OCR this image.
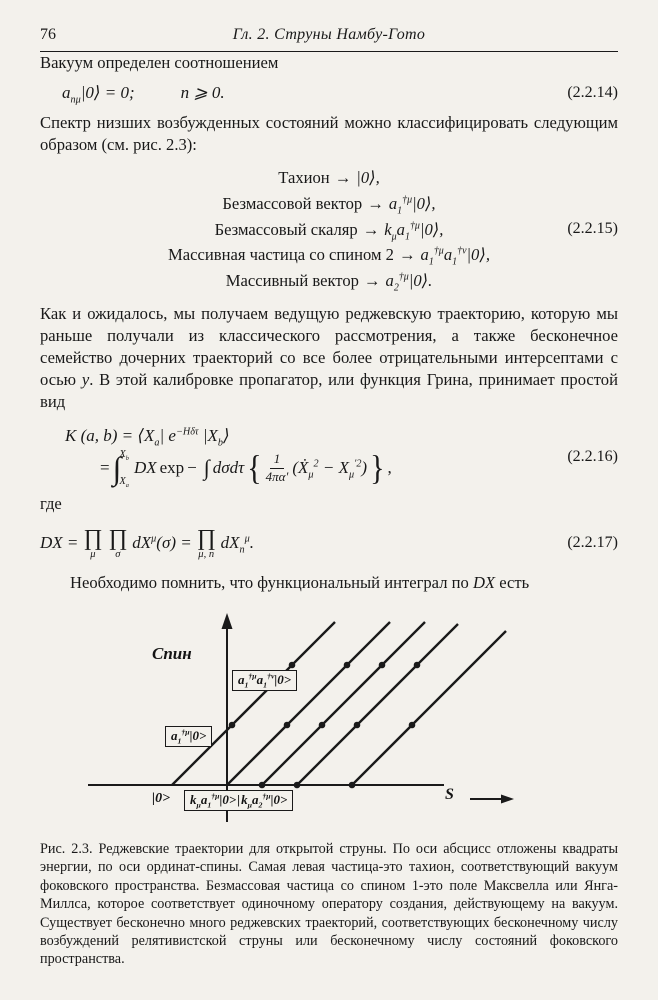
76	Гл. 2. Струны Намбу-Гото

Вакуум определен соотношением

$a_{n\mu}|0⟩ = 0$;	n ⩾ 0.	(2.2.14)

Спектр низших возбужденных состояний можно классифицировать следующим образом (см. рис. 2.3):

Тахион → |0⟩,
Безмассовой вектор → $a_1^{\dagger\mu}|0⟩$,
Безмассовый скаляр → $k_\mu a_1^{\dagger\mu}|0⟩$,
Массивная частица со спином $2 \to a_1^{\dagger\mu}a_1^{\dagger\nu}|0⟩$,
Массивный вектор → $a_2^{\dagger\mu}|0⟩$.
(2.2.15)

Как и ожидалось, мы получаем ведущую реджевскую траекторию, которую мы раньше получали из классического рассмотрения, а также бесконечное семейство дочерних траекторий со все более отрицательными интерсептами с осью y. В этой калибровке пропагатор, или функция Грина, принимает простой вид

K (a, $b) = ⟨X_a|$ $e^{-H\delta\tau}$ $|X_b⟩$
= ∫
$X_b$
$X_a$
DX exp − ∫ dσdτ { $\frac{1}{4\pi\alpha'}$ (Ẋ$_\mu^2$ − $X_\mu^{'2}$) } ,
(2.2.16)

где

DX = ∏
μ
∏
σ
$dX^\mu(\sigma)$ = ∏
μ, n
$dX_n^\mu$.	(2.2.17)

Необходимо помнить, что функциональный интеграл по DX есть

Спин
$a_1^{\dagger\mu}a_1^{\dagger\nu}|0>$
$a_1^{\dagger\mu}|0>$
|0>	$k_\mu a_1^{\dagger\mu}|0>|k_\mu a_2^{\dagger\mu}|0>$	S

Рис. 2.3. Реджевские траектории для открытой струны. По оси абсцисс отложены квадраты энергии, по оси ординат-спины. Самая левая частица-это тахион, соответствующий вакуум фоковского пространства. Безмассовая частица со спином 1-это поле Максвелла или Янга-Миллса, которое соответствует одиночному оператору создания, действующему на вакуум. Существует бесконечно много реджевских траекторий, соответствующих бесконечному числу возбуждений релятивистской струны или бесконечному числу состояний фоковского пространства.
